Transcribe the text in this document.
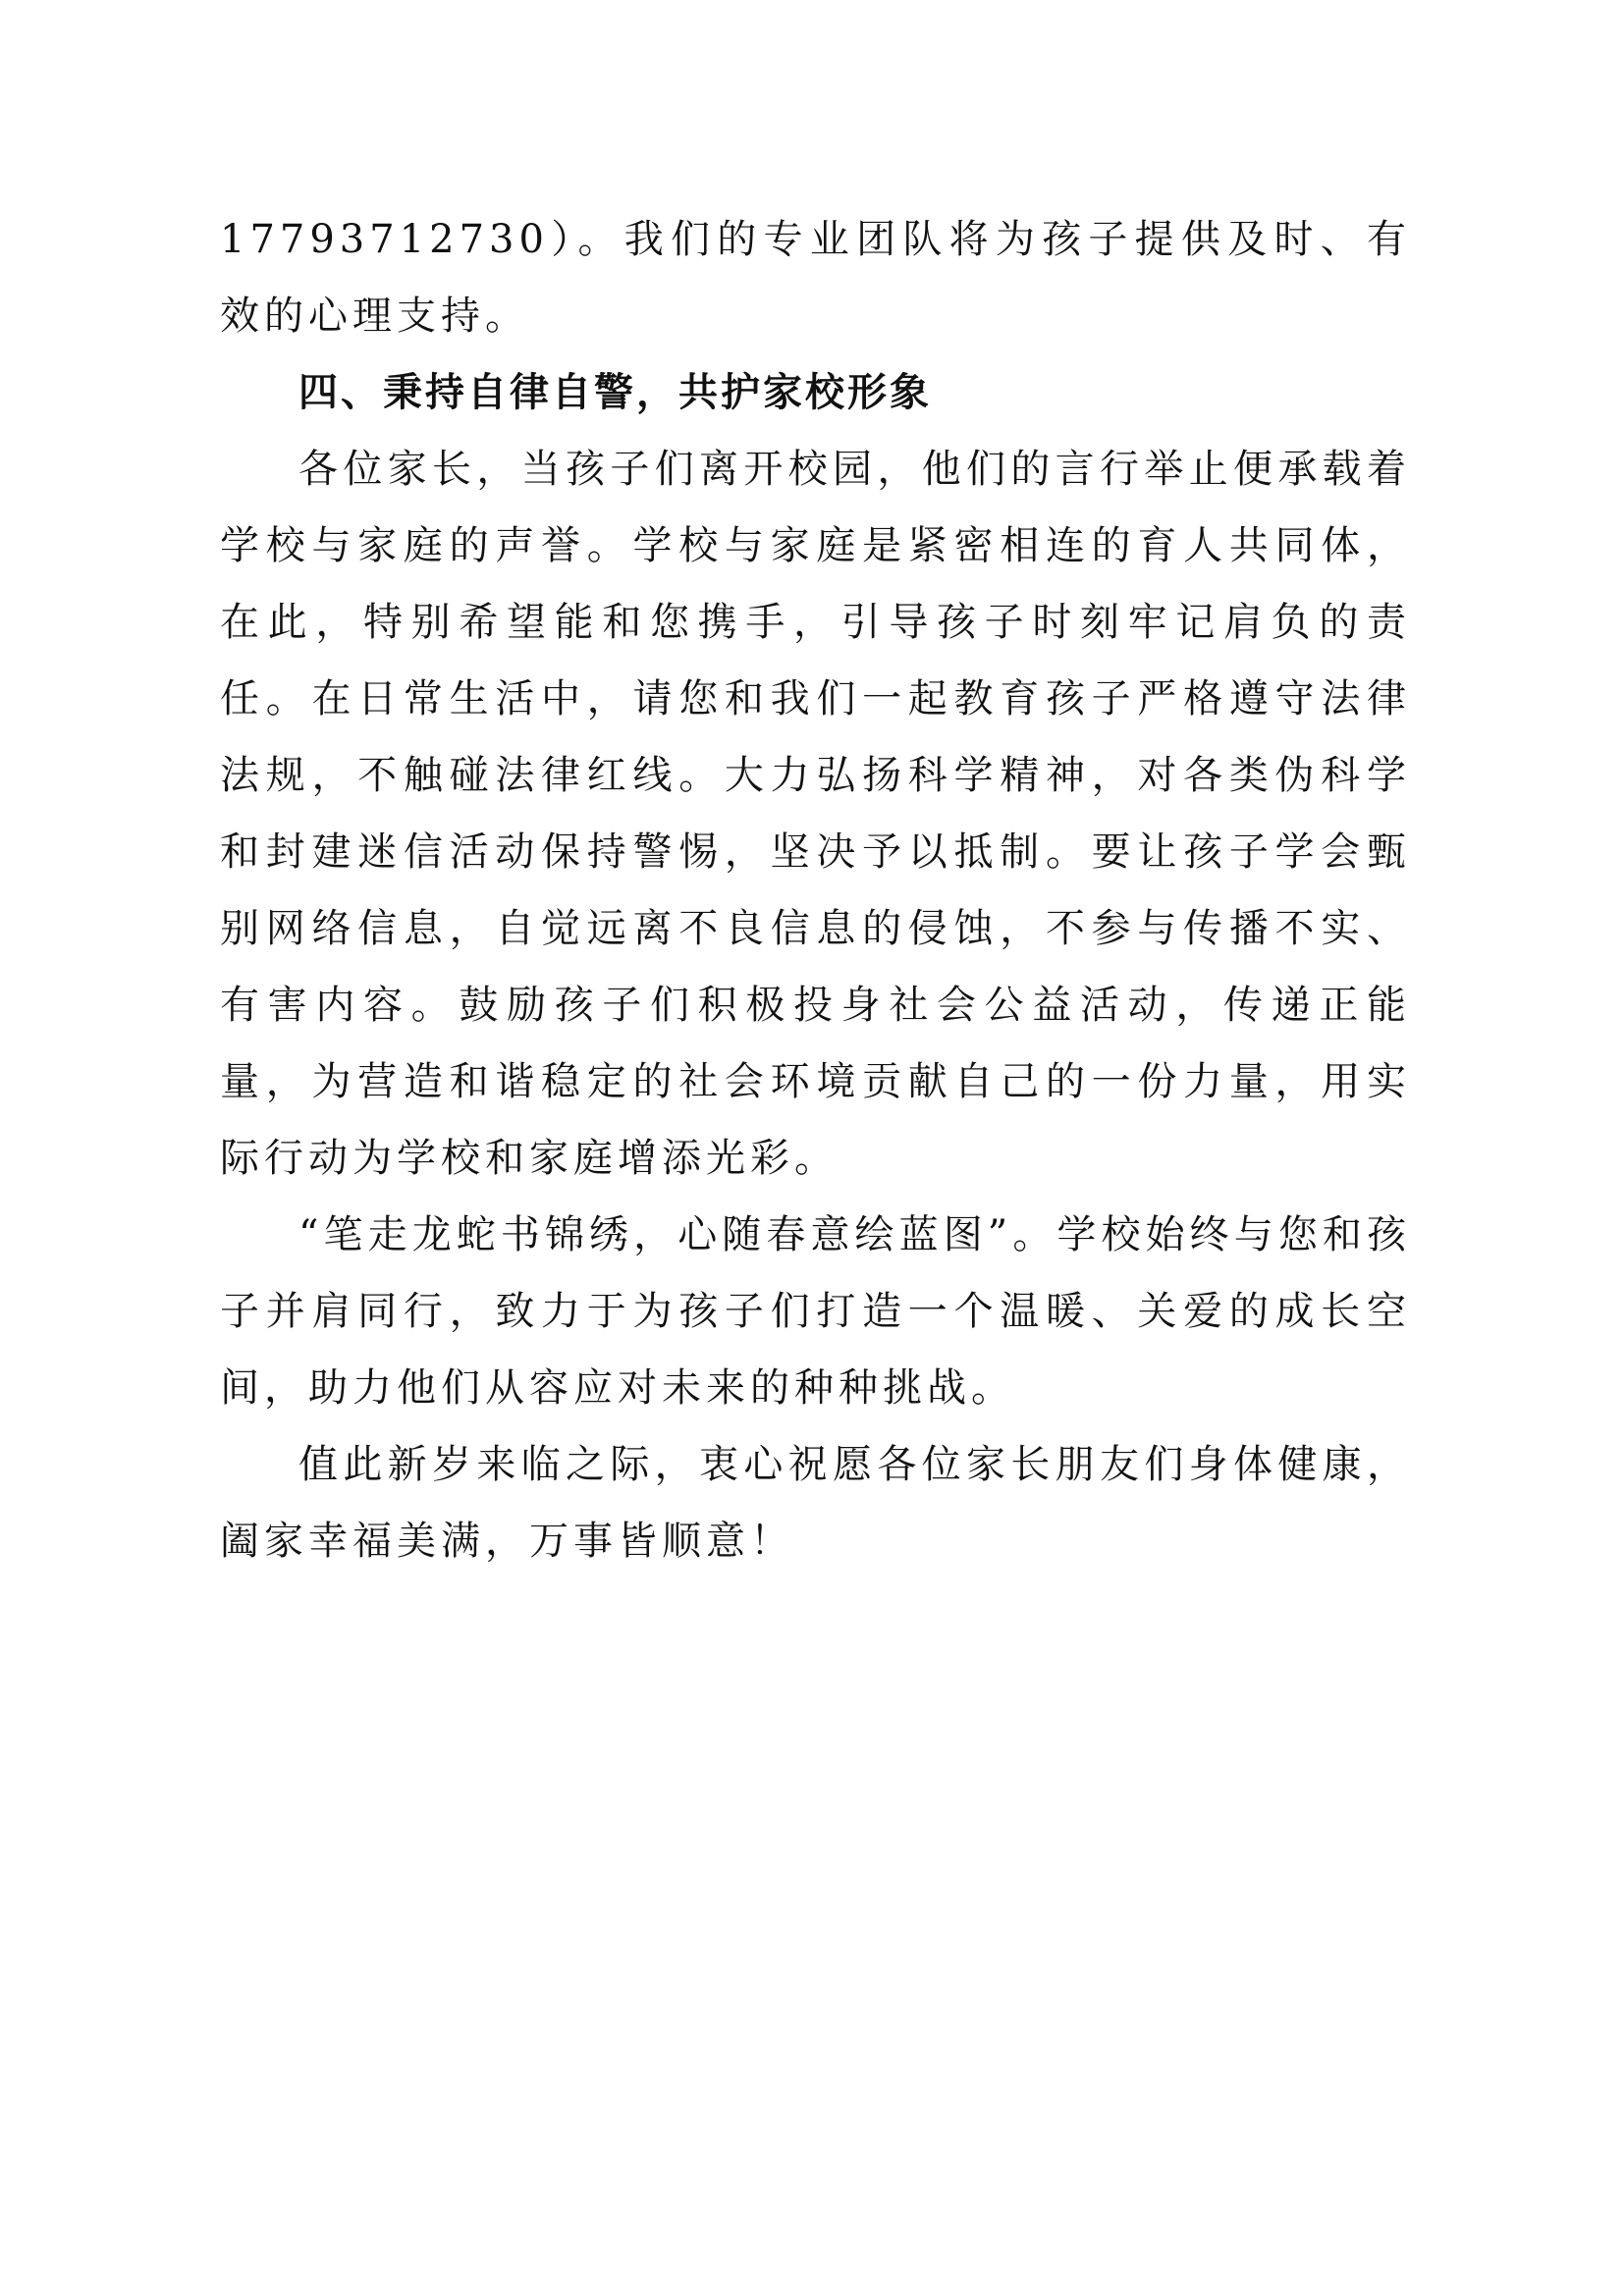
17793712730）。我们的专业团队将为孩子提供及时、有效的心理支持。

四、秉持自律自警，共护家校形象

各位家长，当孩子们离开校园，他们的言行举止便承载着学校与家庭的声誉。学校与家庭是紧密相连的育人共同体，在此，特别希望能和您携手，引导孩子时刻牢记肩负的责任。在日常生活中，请您和我们一起教育孩子严格遵守法律法规，不触碰法律红线。大力弘扬科学精神，对各类伪科学和封建迷信活动保持警惕，坚决予以抵制。要让孩子学会甄别网络信息，自觉远离不良信息的侵蚀，不参与传播不实、有害内容。鼓励孩子们积极投身社会公益活动，传递正能量，为营造和谐稳定的社会环境贡献自己的一份力量，用实际行动为学校和家庭增添光彩。

“笔走龙蛇书锦绣，心随春意绘蓝图”。学校始终与您和孩子并肩同行，致力于为孩子们打造一个温暖、关爱的成长空间，助力他们从容应对未来的种种挑战。

值此新岁来临之际，衷心祝愿各位家长朋友们身体健康，阖家幸福美满，万事皆顺意！
